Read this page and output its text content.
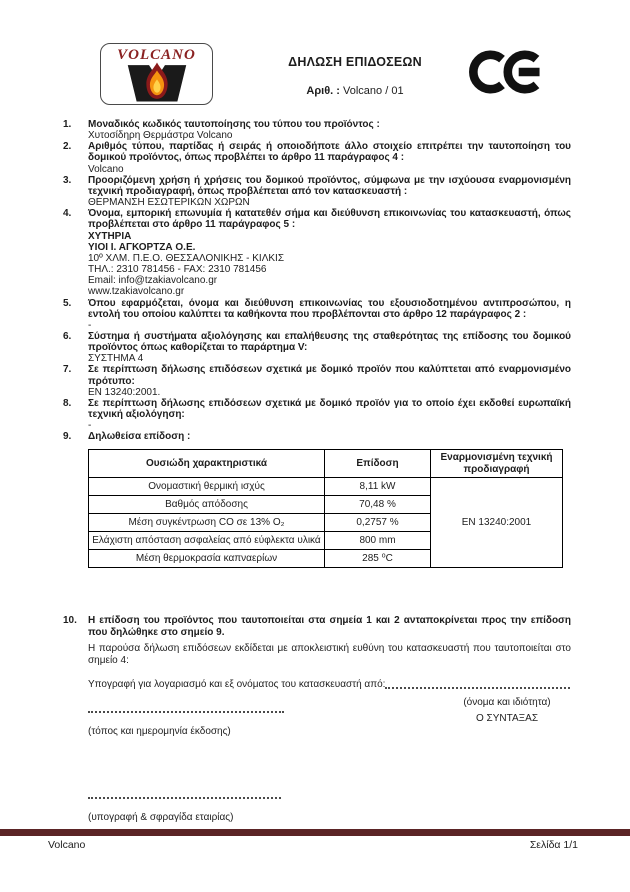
VOLCANO	ΔΗΛΩΣΗ ΕΠΙΔΟΣΕΩΝ
Αριθ. : Volcano / 01
1.	Μοναδικός κωδικός ταυτοποίησης του τύπου του προϊόντος :
Χυτοσίδηρη Θερμάστρα Volcano
2.	Αριθμός τύπου, παρτίδας ή σειράς ή οποιοδήποτε άλλο στοιχείο επιτρέπει την ταυτοποίηση του δομικού προϊόντος, όπως προβλέπει το άρθρο 11 παράγραφος 4 :
Volcano
3.	Προοριζόμενη χρήση ή χρήσεις του δομικού προϊόντος, σύμφωνα με την ισχύουσα εναρμονισμένη τεχνική προδιαγραφή, όπως προβλέπεται από τον κατασκευαστή :
ΘΕΡΜΑΝΣΗ ΕΣΩΤΕΡΙΚΩΝ ΧΩΡΩΝ
4.	Όνομα, εμπορική επωνυμία ή κατατεθέν σήμα και διεύθυνση επικοινωνίας του κατασκευαστή, όπως προβλέπεται στο άρθρο 11 παράγραφος 5 :
ΧΥΤΗΡΙΑ
ΥΙΟΙ Ι. ΑΓΚΟΡΤΖΑ Ο.Ε.
10º ΧΛΜ. Π.Ε.Ο. ΘΕΣΣΑΛΟΝΙΚΗΣ - ΚΙΛΚΙΣ
ΤΗΛ.: 2310 781456 - FAX: 2310 781456
Email: info@tzakiavolcano.gr
www.tzakiavolcano.gr
5.	Όπου εφαρμόζεται, όνομα και διεύθυνση επικοινωνίας του εξουσιοδοτημένου αντιπροσώπου, η εντολή του οποίου καλύπτει τα καθήκοντα που προβλέπονται στο άρθρο 12 παράγραφος 2 :
-
6.	Σύστημα ή συστήματα αξιολόγησης και επαλήθευσης της σταθερότητας της επίδοσης του δομικού προϊόντος όπως καθορίζεται το παράρτημα V:
ΣΥΣΤΗΜΑ 4
7.	Σε περίπτωση δήλωσης επιδόσεων σχετικά με δομικό προϊόν που καλύπτεται από εναρμονισμένο πρότυπο:
EN 13240:2001.
8.	Σε περίπτωση δήλωσης επιδόσεων σχετικά με δομικό προϊόν για το οποίο έχει εκδοθεί ευρωπαϊκή τεχνική αξιολόγηση:
-
9.	Δηλωθείσα επίδοση :
Ουσιώδη χαρακτηριστικά	Επίδοση	Εναρμονισμένη τεχνική προδιαγραφή
Ονομαστική θερμική ισχύς	8,11 kW	EN 13240:2001
Βαθμός απόδοσης	70,48 %	
Μέση συγκέντρωση CO σε 13% O₂	0,2757 %	
Ελάχιστη απόσταση ασφαλείας από εύφλεκτα υλικά	800 mm	
Μέση θερμοκρασία καπναερίων	285 ⁰C	
10.	Η επίδοση του προϊόντος που ταυτοποιείται στα σημεία 1 και 2 ανταποκρίνεται προς την επίδοση που δηλώθηκε στο σημείο 9.
Η παρούσα δήλωση επιδόσεων εκδίδεται με αποκλειστική ευθύνη του κατασκευαστή που ταυτοποιείται στο σημείο 4:
Υπογραφή για λογαριασμό και εξ ονόματος του κατασκευαστή από:
(όνομα και ιδιότητα)
Ο ΣΥΝΤΑΞΑΣ
(τόπος και ημερομηνία έκδοσης)
(υπογραφή & σφραγίδα εταιρίας)
Volcano	Σελίδα 1/1
